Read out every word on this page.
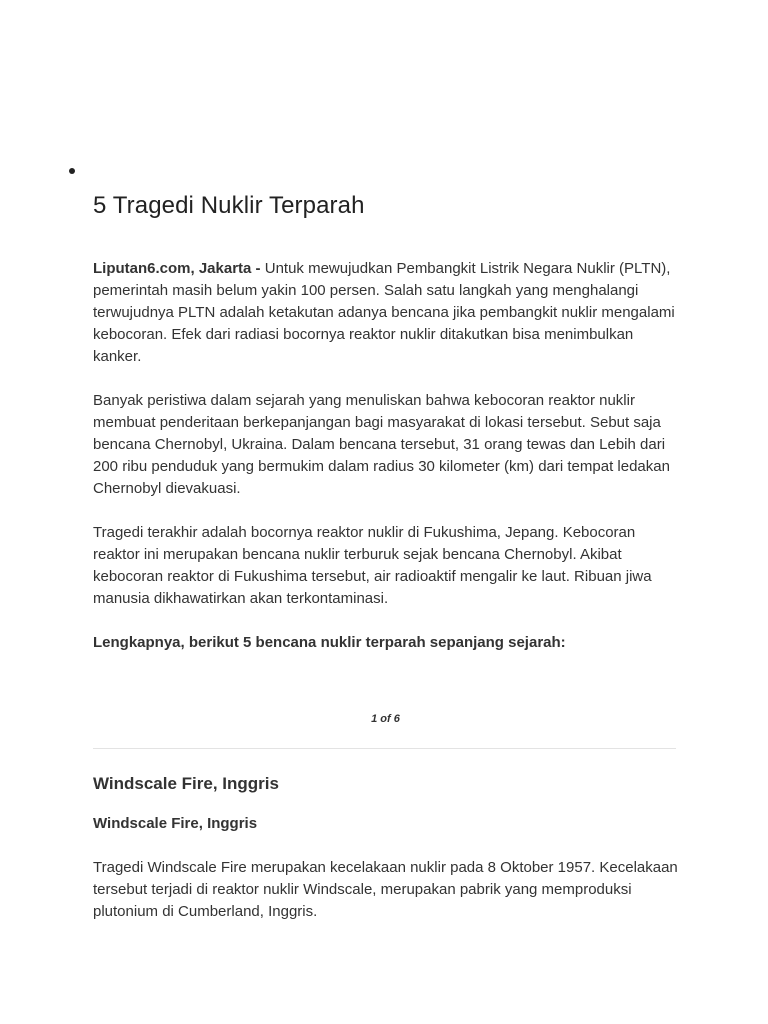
5 Tragedi Nuklir Terparah

Liputan6.com, Jakarta - Untuk mewujudkan Pembangkit Listrik Negara Nuklir (PLTN), pemerintah masih belum yakin 100 persen. Salah satu langkah yang menghalangi terwujudnya PLTN adalah ketakutan adanya bencana jika pembangkit nuklir mengalami kebocoran. Efek dari radiasi bocornya reaktor nuklir ditakutkan bisa menimbulkan kanker.

Banyak peristiwa dalam sejarah yang menuliskan bahwa kebocoran reaktor nuklir membuat penderitaan berkepanjangan bagi masyarakat di lokasi tersebut. Sebut saja bencana Chernobyl, Ukraina. Dalam bencana tersebut, 31 orang tewas dan Lebih dari 200 ribu penduduk yang bermukim dalam radius 30 kilometer (km) dari tempat ledakan Chernobyl dievakuasi.

Tragedi terakhir adalah bocornya reaktor nuklir di Fukushima, Jepang. Kebocoran reaktor ini merupakan bencana nuklir terburuk sejak bencana Chernobyl. Akibat kebocoran reaktor di Fukushima tersebut, air radioaktif mengalir ke laut. Ribuan jiwa manusia dikhawatirkan akan terkontaminasi.

Lengkapnya, berikut 5 bencana nuklir terparah sepanjang sejarah:

1 of 6
Windscale Fire, Inggris
Windscale Fire, Inggris

Tragedi Windscale Fire merupakan kecelakaan nuklir pada 8 Oktober 1957. Kecelakaan tersebut terjadi di reaktor nuklir Windscale, merupakan pabrik yang memproduksi plutonium di Cumberland, Inggris.
